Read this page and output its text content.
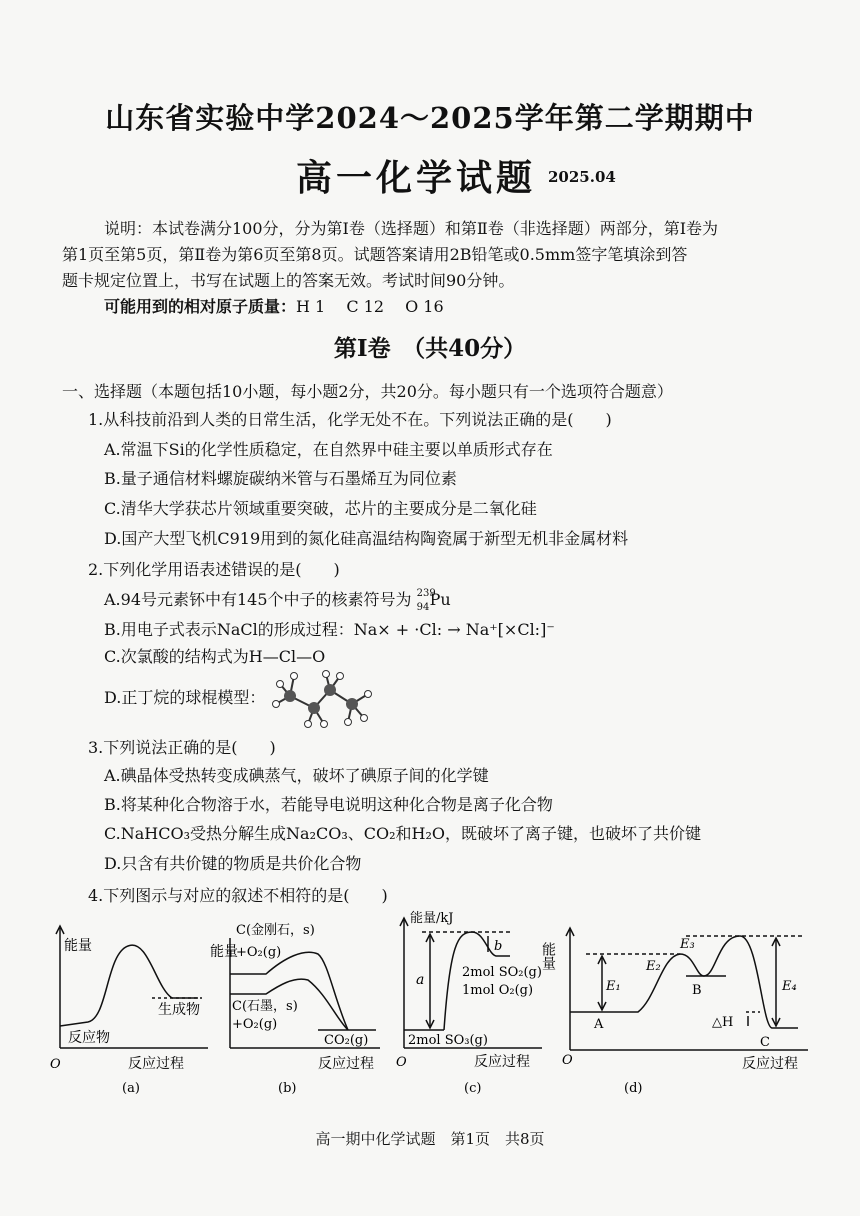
山东省实验中学2024～2025学年第二学期期中
高一化学试题 2025.04
说明：本试卷满分100分，分为第Ⅰ卷（选择题）和第Ⅱ卷（非选择题）两部分，第Ⅰ卷为
第1页至第5页，第Ⅱ卷为第6页至第8页。试题答案请用2B铅笔或0.5mm签字笔填涂到答
题卡规定位置上，书写在试题上的答案无效。考试时间90分钟。
可能用到的相对原子质量：H 1　 C 12　 O 16
第Ⅰ卷　（共40分）
一、选择题（本题包括10小题，每小题2分，共20分。每小题只有一个选项符合题意）
1.从科技前沿到人类的日常生活，化学无处不在。下列说法正确的是(　　)
A.常温下Si的化学性质稳定，在自然界中硅主要以单质形式存在
B.量子通信材料螺旋碳纳米管与石墨烯互为同位素
C.清华大学获芯片领域重要突破，芯片的主要成分是二氧化硅
D.国产大型飞机C919用到的氮化硅高温结构陶瓷属于新型无机非金属材料
2.下列化学用语表述错误的是(　　)
A.94号元素钚中有145个中子的核素符号为 239
94 Pu
B.用电子式表示NaCl的形成过程：Na× + ·Cl: → Na⁺[×Cl:]⁻
C.次氯酸的结构式为H—Cl—O
D.正丁烷的球棍模型：
3.下列说法正确的是(　　)
A.碘晶体受热转变成碘蒸气，破坏了碘原子间的化学键
B.将某种化合物溶于水，若能导电说明这种化合物是离子化合物
C.NaHCO₃受热分解生成Na₂CO₃、CO₂和H₂O，既破坏了离子键，也破坏了共价键
D.只含有共价键的物质是共价化合物
4.下列图示与对应的叙述不相符的是(　　)
能量
生成物
反应物
O	反应过程
(a)
C(金刚石，s)
+O₂(g)
能量
C(石墨，s)
+O₂(g)
CO₂(g)
反应过程
(b)
能量/kJ
a
b
2mol SO₂(g)
1mol O₂(g)
2mol SO₃(g)
O	反应过程
(c)
能量
E₁
E₂
E₃
E₄
A
B
C
△H
O	反应过程
(d)
高一期中化学试题　第1页　共8页
